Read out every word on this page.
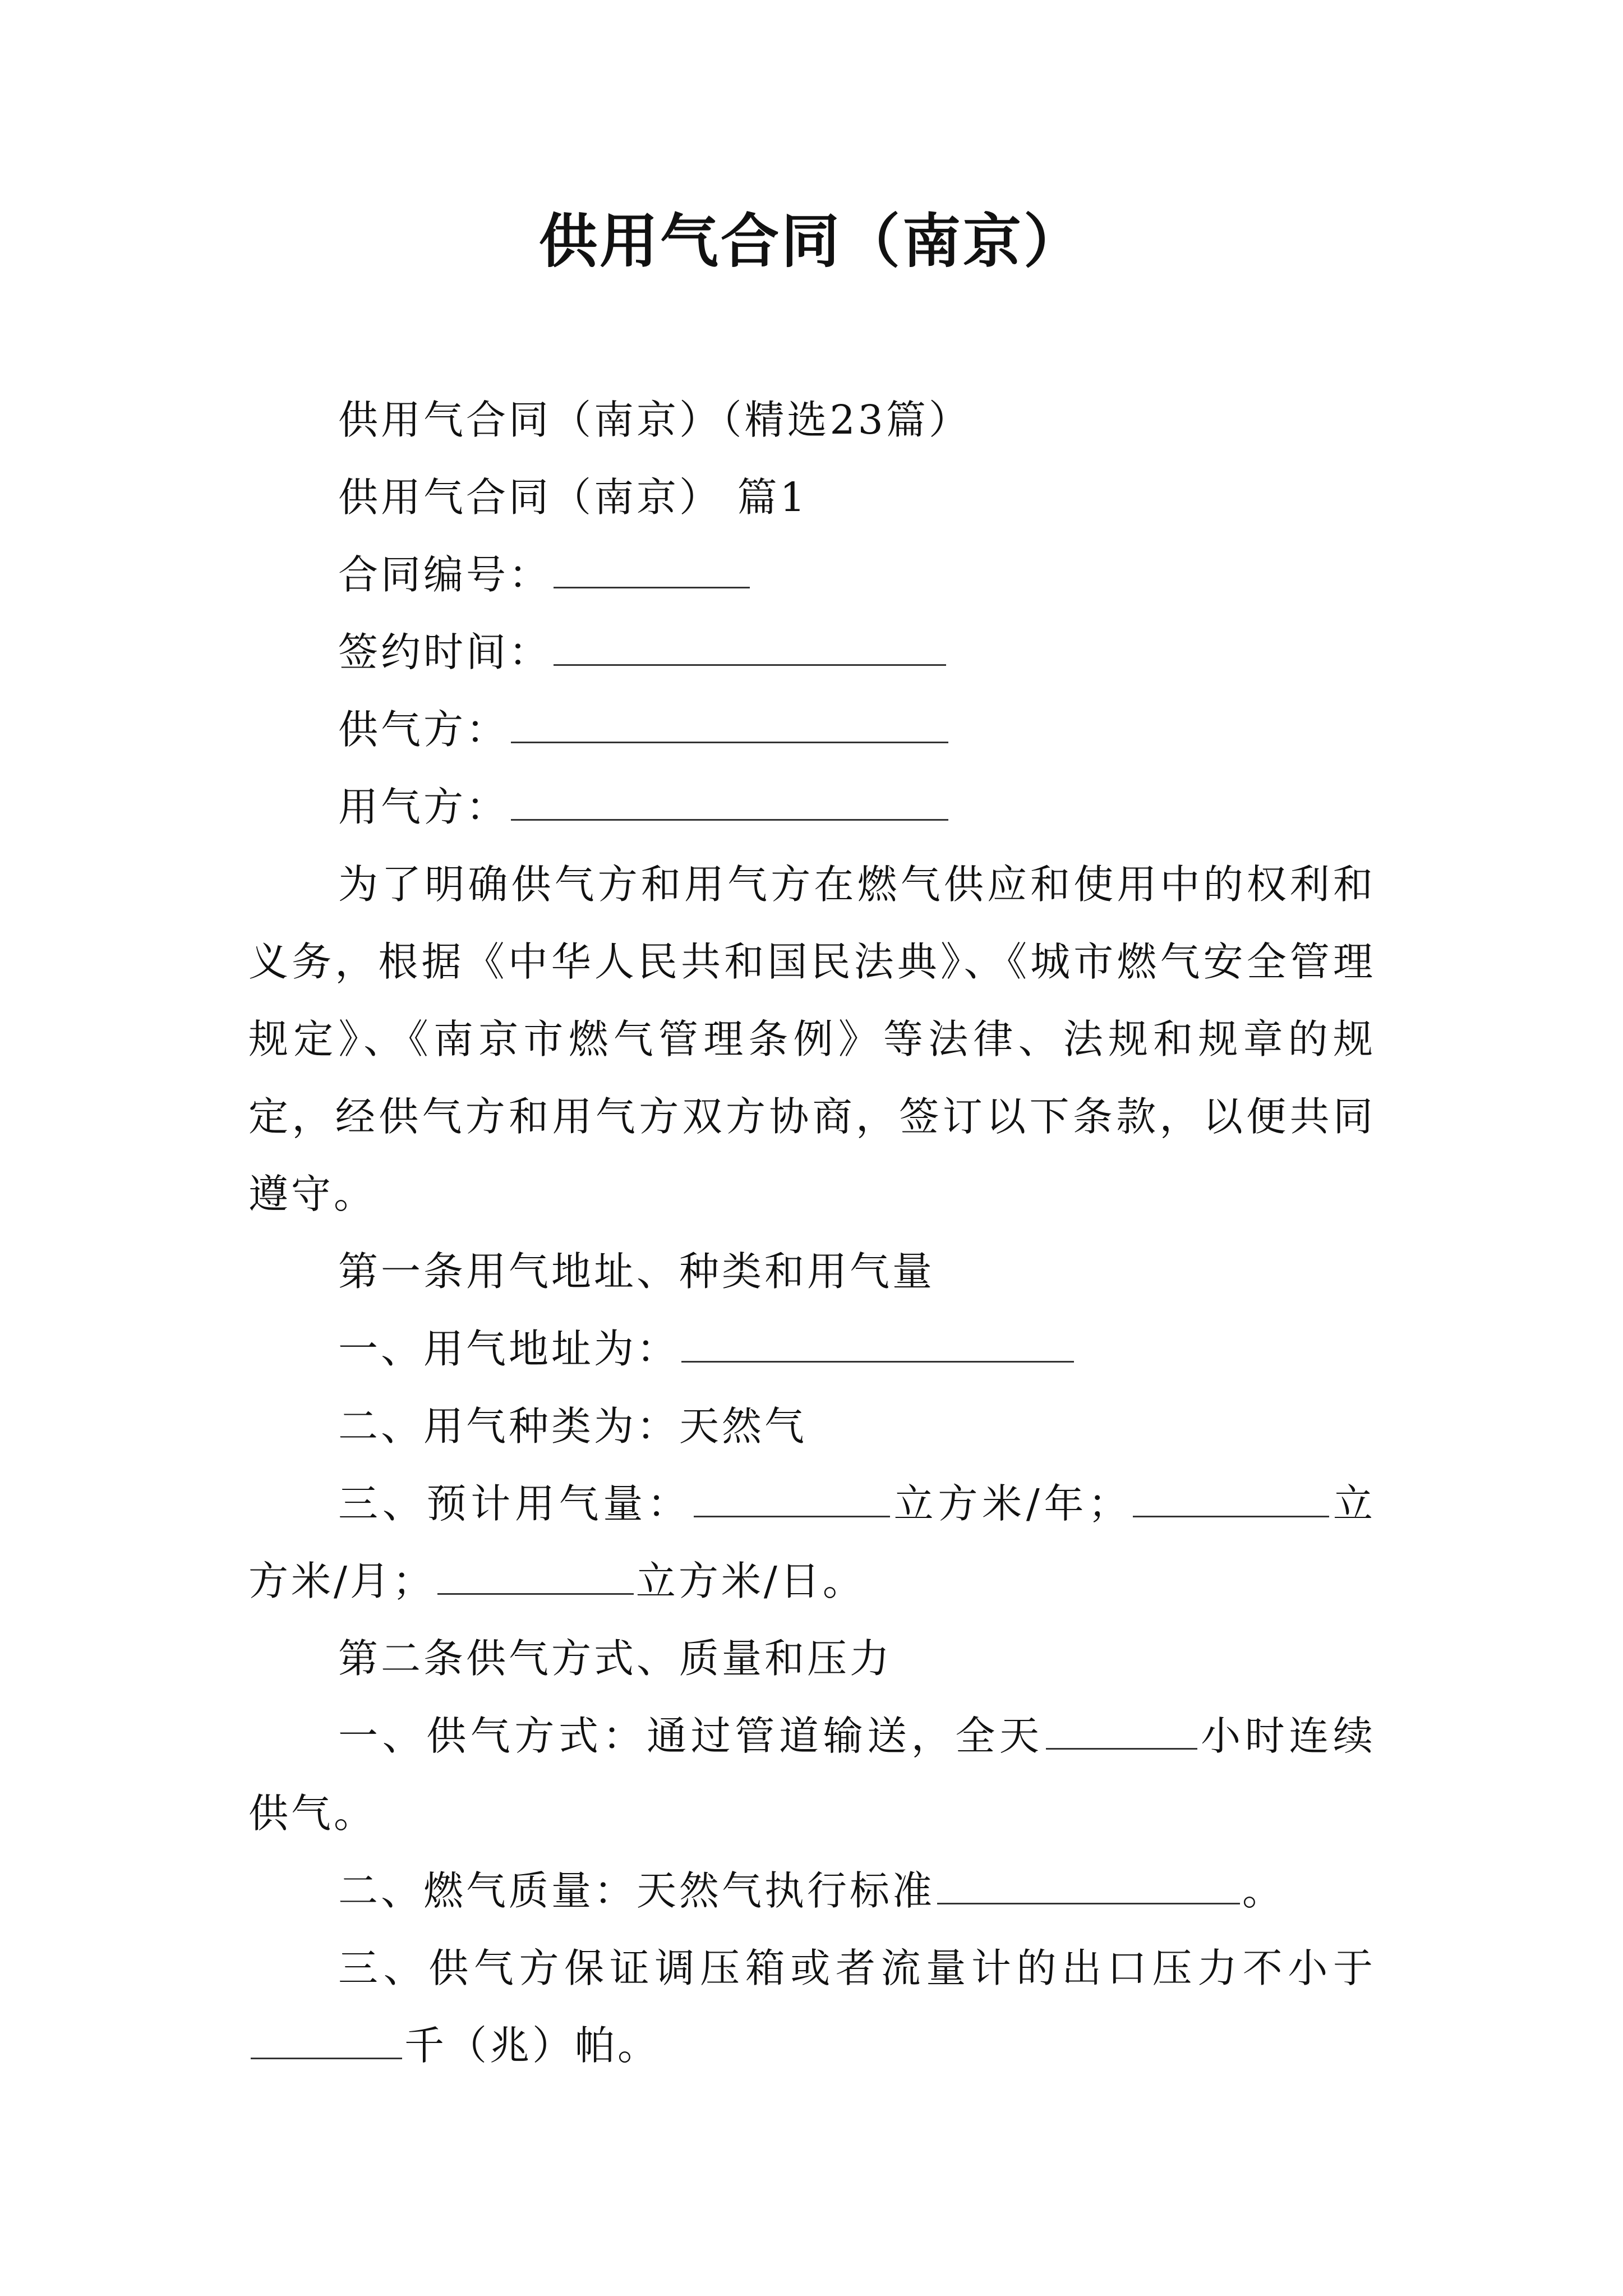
供用气合同（南京）

供用气合同（南京）（精选23篇）

供用气合同（南京） 篇1

合同编号：

签约时间：

供气方：

用气方：

为了明确供气方和用气方在燃气供应和使用中的权利和义务，根据《中华人民共和国民法典》、《城市燃气安全管理规定》、《南京市燃气管理条例》等法律、法规和规章的规定，经供气方和用气方双方协商，签订以下条款，以便共同遵守。

第一条用气地址、种类和用气量

一、用气地址为：

二、用气种类为：天然气

三、预计用气量：	立方米/年；	立方米/月；	立方米/日。

第二条供气方式、质量和压力

一、供气方式：通过管道输送，全天	小时连续供气。

二、燃气质量：天然气执行标准	。

三、供气方保证调压箱或者流量计的出口压力不小于千（兆）帕。
